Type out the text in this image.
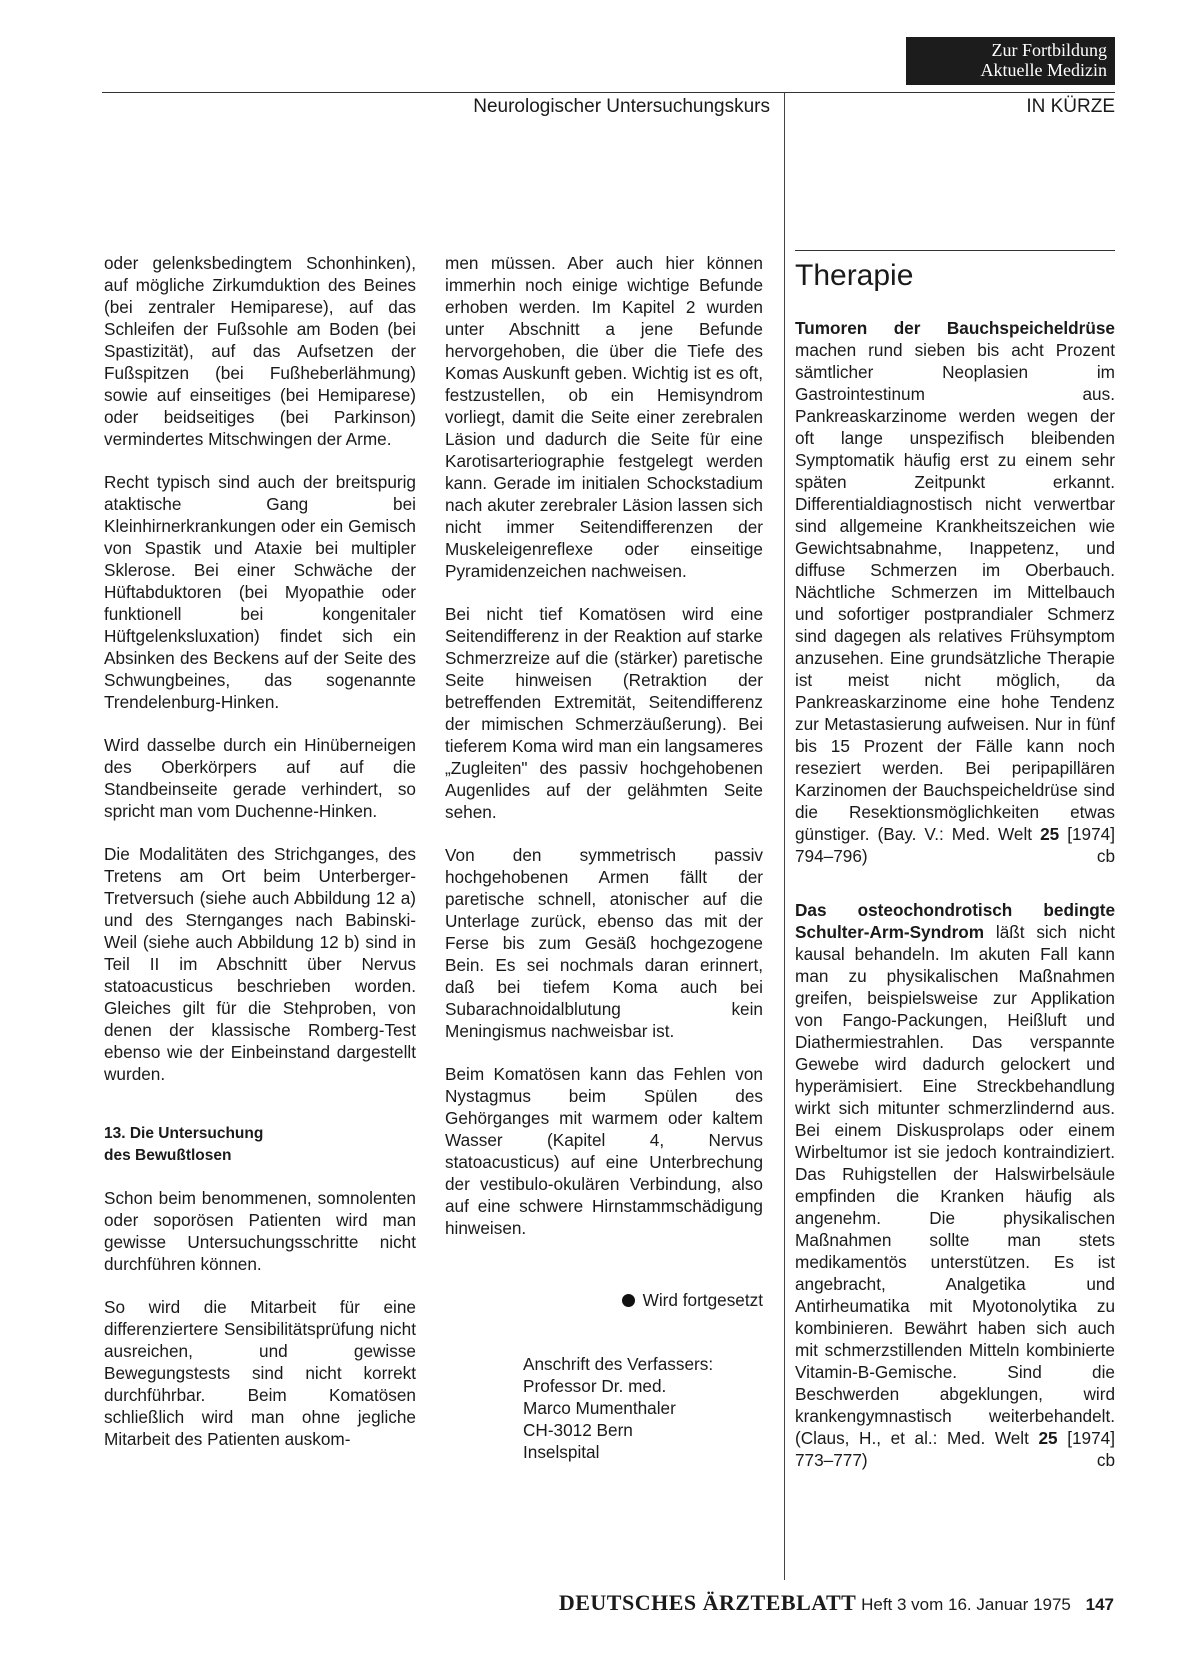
Zur Fortbildung
Aktuelle Medizin
Neurologischer Untersuchungskurs	IN KÜRZE

oder gelenksbedingtem Schonhinken), auf mögliche Zirkumduktion des Beines (bei zentraler Hemiparese), auf das Schleifen der Fußsohle am Boden (bei Spastizität), auf das Aufsetzen der Fußspitzen (bei Fußheberlähmung) sowie auf einseitiges (bei Hemiparese) oder beidseitiges (bei Parkinson) vermindertes Mitschwingen der Arme.

Recht typisch sind auch der breitspurig ataktische Gang bei Kleinhirnerkrankungen oder ein Gemisch von Spastik und Ataxie bei multipler Sklerose. Bei einer Schwäche der Hüftabduktoren (bei Myopathie oder funktionell bei kongenitaler Hüftgelenksluxation) findet sich ein Absinken des Beckens auf der Seite des Schwungbeines, das sogenannte Trendelenburg-Hinken.

Wird dasselbe durch ein Hinüberneigen des Oberkörpers auf auf die Standbeinseite gerade verhindert, so spricht man vom Duchenne-Hinken.

Die Modalitäten des Strichganges, des Tretens am Ort beim Unterberger-Tretversuch (siehe auch Abbildung 12 a) und des Sternganges nach Babinski-Weil (siehe auch Abbildung 12 b) sind in Teil II im Abschnitt über Nervus statoacusticus beschrieben worden. Gleiches gilt für die Stehproben, von denen der klassische Romberg-Test ebenso wie der Einbeinstand dargestellt wurden.

13. Die Untersuchung
des Bewußtlosen

Schon beim benommenen, somnolenten oder soporösen Patienten wird man gewisse Untersuchungsschritte nicht durchführen können.

So wird die Mitarbeit für eine differenziertere Sensibilitätsprüfung nicht ausreichen, und gewisse Bewegungstests sind nicht korrekt durchführbar. Beim Komatösen schließlich wird man ohne jegliche Mitarbeit des Patienten auskom-

men müssen. Aber auch hier können immerhin noch einige wichtige Befunde erhoben werden. Im Kapitel 2 wurden unter Abschnitt a jene Befunde hervorgehoben, die über die Tiefe des Komas Auskunft geben. Wichtig ist es oft, festzustellen, ob ein Hemisyndrom vorliegt, damit die Seite einer zerebralen Läsion und dadurch die Seite für eine Karotisarteriographie festgelegt werden kann. Gerade im initialen Schockstadium nach akuter zerebraler Läsion lassen sich nicht immer Seitendifferenzen der Muskeleigenreflexe oder einseitige Pyramidenzeichen nachweisen.

Bei nicht tief Komatösen wird eine Seitendifferenz in der Reaktion auf starke Schmerzreize auf die (stärker) paretische Seite hinweisen (Retraktion der betreffenden Extremität, Seitendifferenz der mimischen Schmerzäußerung). Bei tieferem Koma wird man ein langsameres „Zugleiten" des passiv hochgehobenen Augenlides auf der gelähmten Seite sehen.

Von den symmetrisch passiv hochgehobenen Armen fällt der paretische schnell, atonischer auf die Unterlage zurück, ebenso das mit der Ferse bis zum Gesäß hochgezogene Bein. Es sei nochmals daran erinnert, daß bei tiefem Koma auch bei Subarachnoidalblutung kein Meningismus nachweisbar ist.

Beim Komatösen kann das Fehlen von Nystagmus beim Spülen des Gehörganges mit warmem oder kaltem Wasser (Kapitel 4, Nervus statoacusticus) auf eine Unterbrechung der vestibulo-okulären Verbindung, also auf eine schwere Hirnstammschädigung hinweisen.

Wird fortgesetzt
Anschrift des Verfassers:
Professor Dr. med.
Marco Mumenthaler
CH-3012 Bern
Inselspital
Therapie

Tumoren der Bauchspeicheldrüse machen rund sieben bis acht Prozent sämtlicher Neoplasien im Gastrointestinum aus. Pankreaskarzinome werden wegen der oft lange unspezifisch bleibenden Symptomatik häufig erst zu einem sehr späten Zeitpunkt erkannt. Differentialdiagnostisch nicht verwertbar sind allgemeine Krankheitszeichen wie Gewichtsabnahme, Inappetenz, und diffuse Schmerzen im Oberbauch. Nächtliche Schmerzen im Mittelbauch und sofortiger postprandialer Schmerz sind dagegen als relatives Frühsymptom anzusehen. Eine grundsätzliche Therapie ist meist nicht möglich, da Pankreaskarzinome eine hohe Tendenz zur Metastasierung aufweisen. Nur in fünf bis 15 Prozent der Fälle kann noch reseziert werden. Bei peripapillären Karzinomen der Bauchspeicheldrüse sind die Resektionsmöglichkeiten etwas günstiger. (Bay. V.: Med. Welt 25 [1974] 794–796)	cb

Das osteochondrotisch bedingte Schulter-Arm-Syndrom läßt sich nicht kausal behandeln. Im akuten Fall kann man zu physikalischen Maßnahmen greifen, beispielsweise zur Applikation von Fango-Packungen, Heißluft und Diathermiestrahlen. Das verspannte Gewebe wird dadurch gelockert und hyperämisiert. Eine Streckbehandlung wirkt sich mitunter schmerzlindernd aus. Bei einem Diskusprolaps oder einem Wirbeltumor ist sie jedoch kontraindiziert. Das Ruhigstellen der Halswirbelsäule empfinden die Kranken häufig als angenehm. Die physikalischen Maßnahmen sollte man stets medikamentös unterstützen. Es ist angebracht, Analgetika und Antirheumatika mit Myotonolytika zu kombinieren. Bewährt haben sich auch mit schmerzstillenden Mitteln kombinierte Vitamin-B-Gemische. Sind die Beschwerden abgeklungen, wird krankengymnastisch weiterbehandelt. (Claus, H., et al.: Med. Welt 25 [1974] 773–777)	cb

DEUTSCHES ÄRZTEBLATT Heft 3 vom 16. Januar 1975 147
